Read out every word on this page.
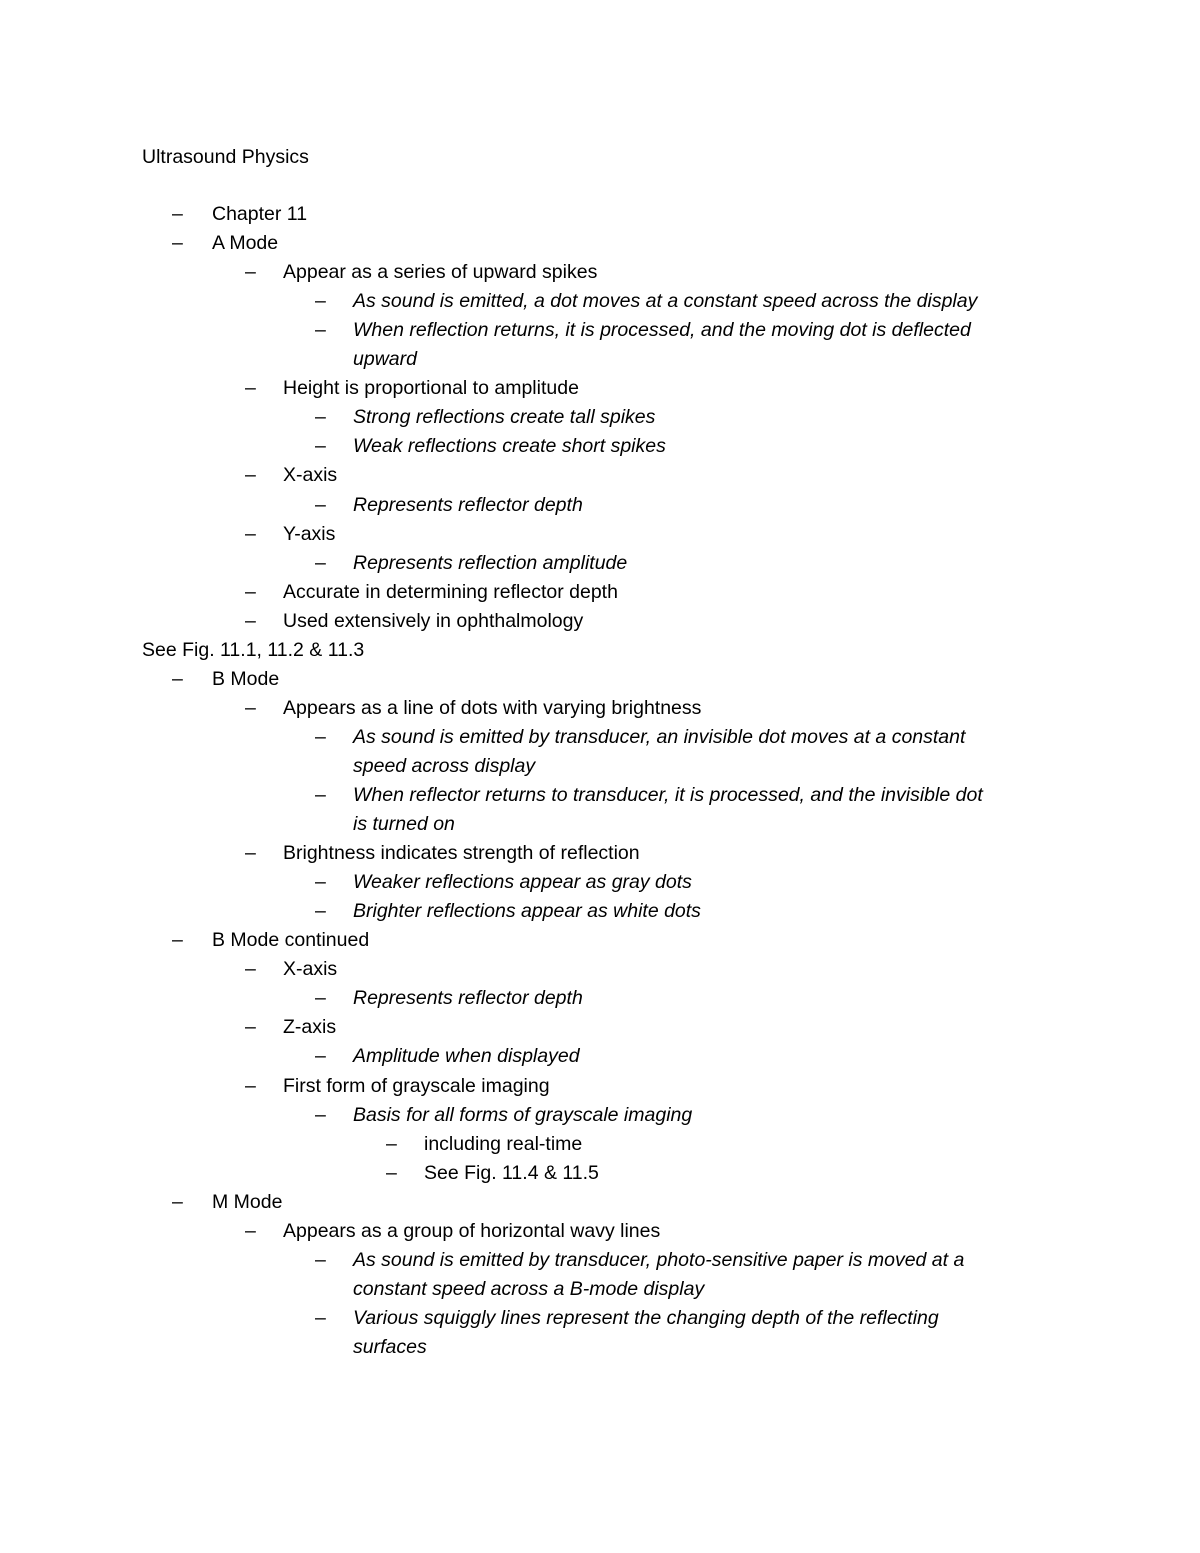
Ultrasound Physics
– Chapter 11
– A Mode
– Appear as a series of upward spikes
– As sound is emitted, a dot moves at a constant speed across the display
– When reflection returns, it is processed, and the moving dot is deflected
upward
– Height is proportional to amplitude
– Strong reflections create tall spikes
– Weak reflections create short spikes
– X-axis
– Represents reflector depth
– Y-axis
– Represents reflection amplitude
– Accurate in determining reflector depth
– Used extensively in ophthalmology
See Fig. 11.1, 11.2 & 11.3
– B Mode
– Appears as a line of dots with varying brightness
– As sound is emitted by transducer, an invisible dot moves at a constant
speed across display
– When reflector returns to transducer, it is processed, and the invisible dot
is turned on
– Brightness indicates strength of reflection
– Weaker reflections appear as gray dots
– Brighter reflections appear as white dots
– B Mode continued
– X-axis
– Represents reflector depth
– Z-axis
– Amplitude when displayed
– First form of grayscale imaging
– Basis for all forms of grayscale imaging
– including real-time
– See Fig. 11.4 & 11.5
– M Mode
– Appears as a group of horizontal wavy lines
– As sound is emitted by transducer, photo-sensitive paper is moved at a
constant speed across a B-mode display
– Various squiggly lines represent the changing depth of the reflecting
surfaces
